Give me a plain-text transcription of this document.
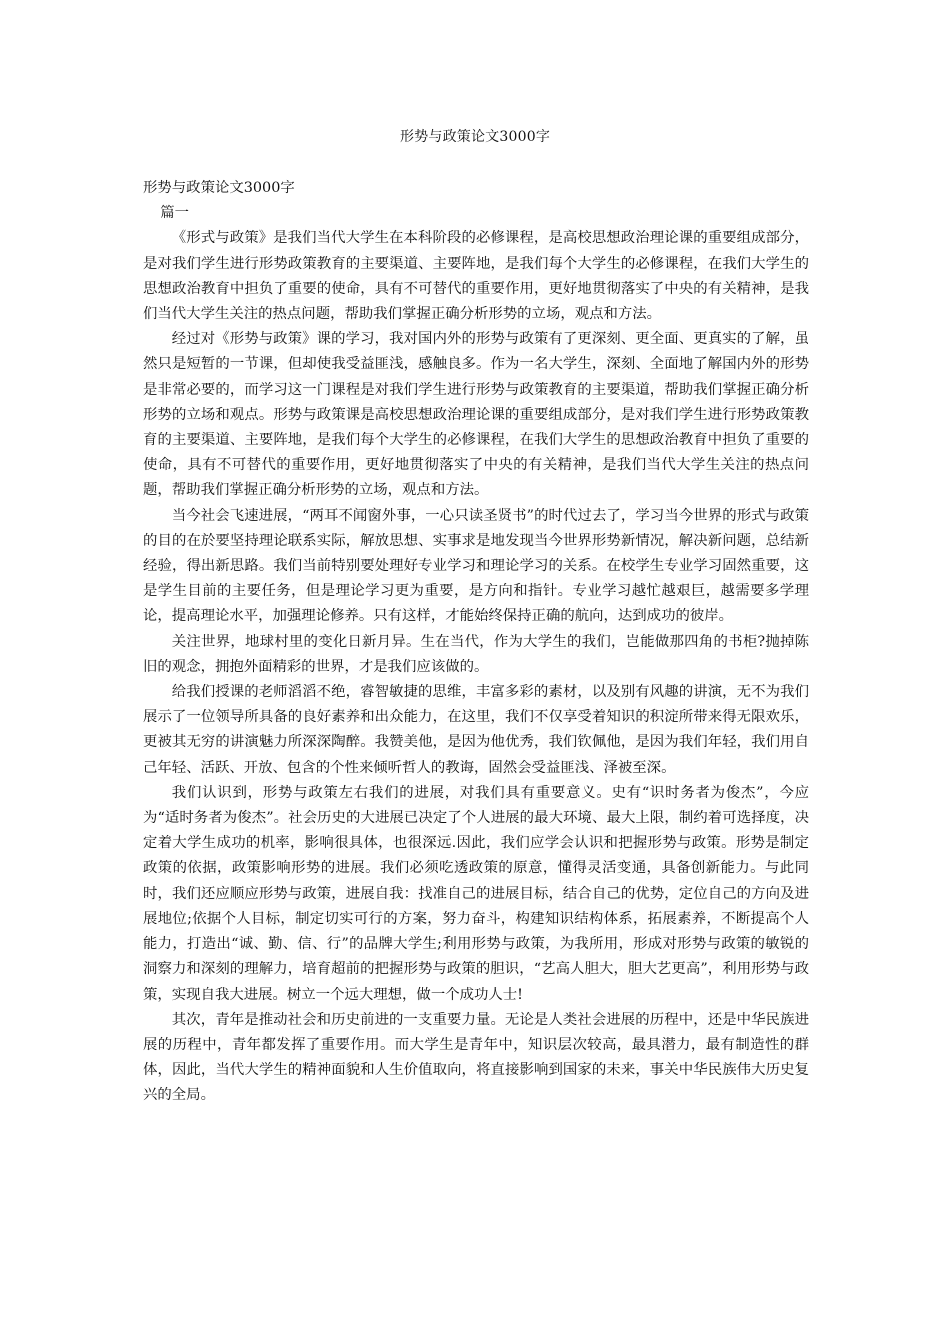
形势与政策论文3000字

形势与政策论文3000字

篇一

《形式与政策》是我们当代大学生在本科阶段的必修课程，是高校思想政治理论课的重要组成部分，是对我们学生进行形势政策教育的主要渠道、主要阵地，是我们每个大学生的必修课程，在我们大学生的思想政治教育中担负了重要的使命，具有不可替代的重要作用，更好地贯彻落实了中央的有关精神，是我们当代大学生关注的热点问题，帮助我们掌握正确分析形势的立场，观点和方法。

经过对《形势与政策》课的学习，我对国内外的形势与政策有了更深刻、更全面、更真实的了解，虽然只是短暂的一节课，但却使我受益匪浅，感触良多。作为一名大学生，深刻、全面地了解国内外的形势是非常必要的，而学习这一门课程是对我们学生进行形势与政策教育的主要渠道，帮助我们掌握正确分析形势的立场和观点。形势与政策课是高校思想政治理论课的重要组成部分，是对我们学生进行形势政策教育的主要渠道、主要阵地，是我们每个大学生的必修课程，在我们大学生的思想政治教育中担负了重要的使命，具有不可替代的重要作用，更好地贯彻落实了中央的有关精神，是我们当代大学生关注的热点问题，帮助我们掌握正确分析形势的立场，观点和方法。

当今社会飞速进展，“两耳不闻窗外事，一心只读圣贤书”的时代过去了，学习当今世界的形式与政策的目的在於要坚持理论联系实际，解放思想、实事求是地发现当今世界形势新情况，解决新问题，总结新经验，得出新思路。我们当前特别要处理好专业学习和理论学习的关系。在校学生专业学习固然重要，这是学生目前的主要任务，但是理论学习更为重要，是方向和指针。专业学习越忙越艰巨，越需要多学理论，提高理论水平，加强理论修养。只有这样，才能始终保持正确的航向，达到成功的彼岸。

关注世界，地球村里的变化日新月异。生在当代，作为大学生的我们，岂能做那四角的书柜?抛掉陈旧的观念，拥抱外面精彩的世界，才是我们应该做的。

给我们授课的老师滔滔不绝，睿智敏捷的思维，丰富多彩的素材，以及别有风趣的讲演，无不为我们展示了一位领导所具备的良好素养和出众能力，在这里，我们不仅享受着知识的积淀所带来得无限欢乐，更被其无穷的讲演魅力所深深陶醉。我赞美他，是因为他优秀，我们钦佩他，是因为我们年轻，我们用自己年轻、活跃、开放、包含的个性来倾听哲人的教诲，固然会受益匪浅、泽被至深。

我们认识到，形势与政策左右我们的进展，对我们具有重要意义。史有“识时务者为俊杰”，今应为“适时务者为俊杰”。社会历史的大进展已决定了个人进展的最大环境、最大上限，制约着可选择度，决定着大学生成功的机率，影响很具体，也很深远.因此，我们应学会认识和把握形势与政策。形势是制定政策的依据，政策影响形势的进展。我们必须吃透政策的原意，懂得灵活变通，具备创新能力。与此同时，我们还应顺应形势与政策，进展自我：找准自己的进展目标，结合自己的优势，定位自己的方向及进展地位;依据个人目标，制定切实可行的方案，努力奋斗，构建知识结构体系，拓展素养，不断提高个人能力，打造出“诚、勤、信、行”的品牌大学生;利用形势与政策，为我所用，形成对形势与政策的敏锐的洞察力和深刻的理解力，培育超前的把握形势与政策的胆识，“艺高人胆大，胆大艺更高”，利用形势与政策，实现自我大进展。树立一个远大理想，做一个成功人士!

其次，青年是推动社会和历史前进的一支重要力量。无论是人类社会进展的历程中，还是中华民族进展的历程中，青年都发挥了重要作用。而大学生是青年中，知识层次较高，最具潜力，最有制造性的群体，因此，当代大学生的精神面貌和人生价值取向，将直接影响到国家的未来，事关中华民族伟大历史复兴的全局。
